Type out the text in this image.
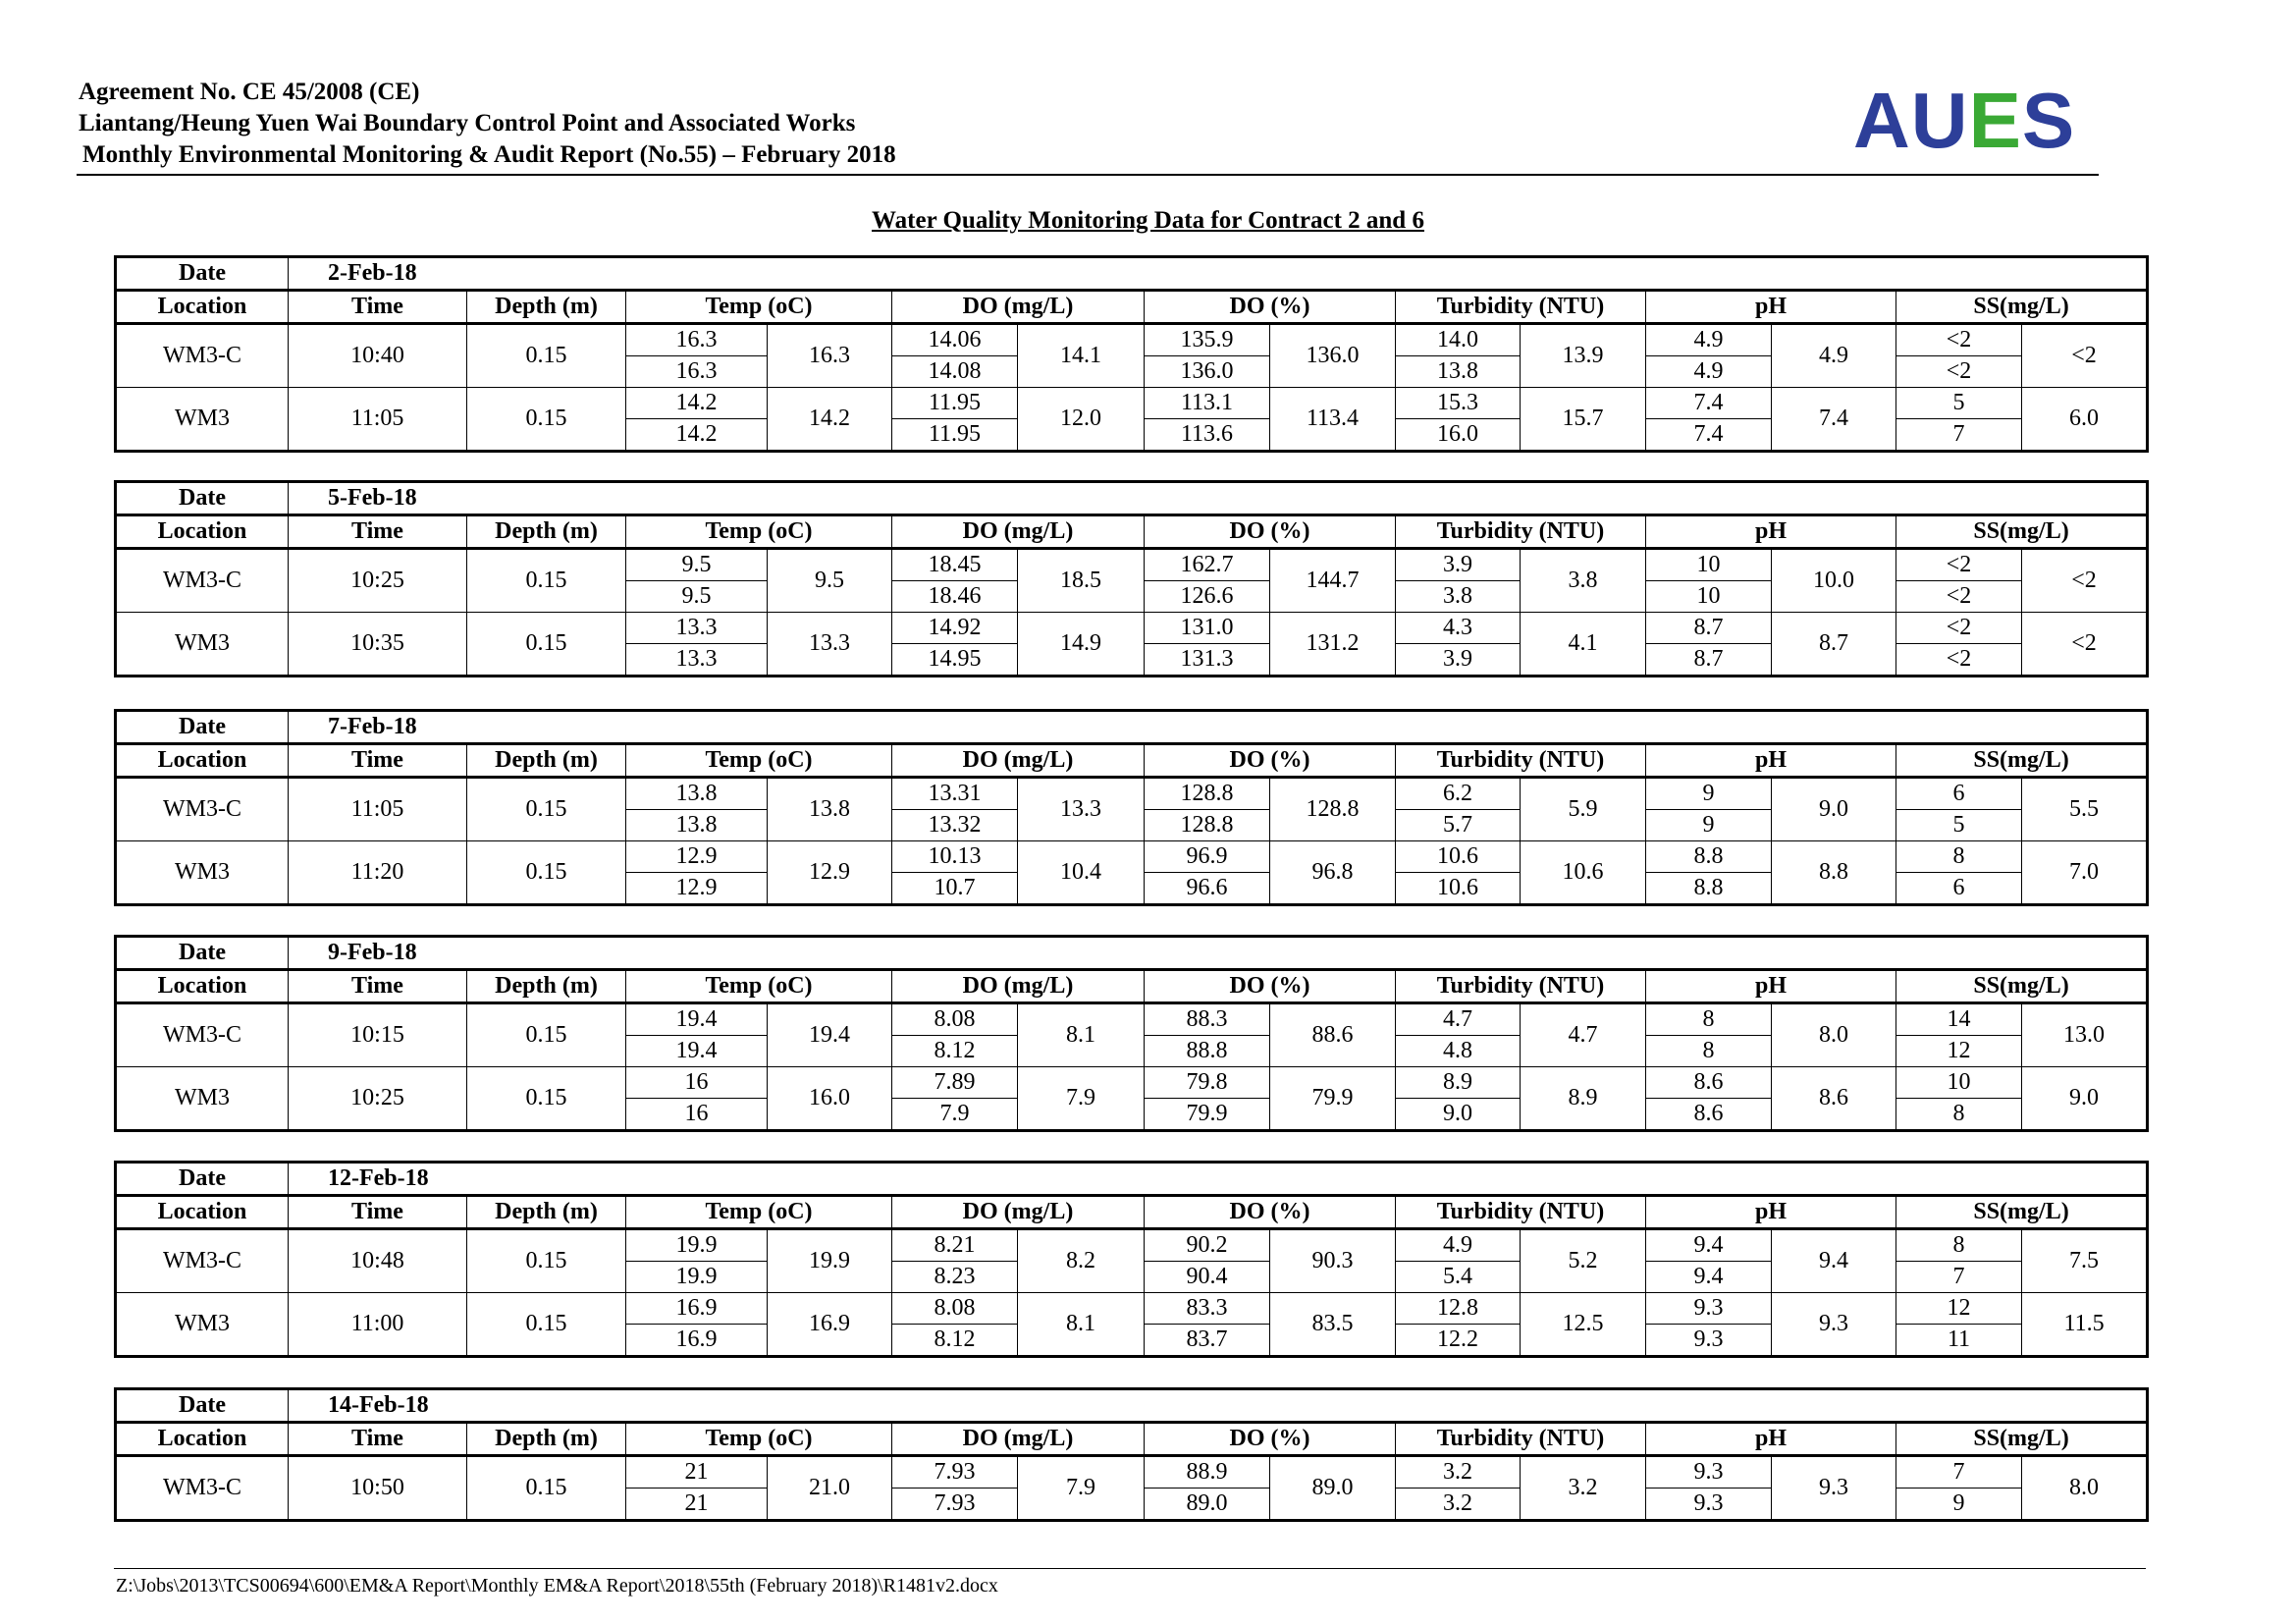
Agreement No. CE 45/2008 (CE)
Liantang/Heung Yuen Wai Boundary Control Point and Associated Works
Monthly Environmental Monitoring & Audit Report (No.55) – February 2018	AUES
Water Quality Monitoring Data for Contract 2 and 6
Date	2-Feb-18													
Location	Time	Depth (m)	Temp (oC)		DO (mg/L)		DO (%)		Turbidity (NTU)		pH		SS(mg/L)	
WM3-C	10:40	0.15	16.3	16.3	14.06	14.1	135.9	136.0	14.0	13.9	4.9	4.9	<2	<2
			16.3		14.08		136.0		13.8		4.9		<2	
WM3	11:05	0.15	14.2	14.2	11.95	12.0	113.1	113.4	15.3	15.7	7.4	7.4	5	6.0
			14.2		11.95		113.6		16.0		7.4		7	
Date	5-Feb-18													
Location	Time	Depth (m)	Temp (oC)		DO (mg/L)		DO (%)		Turbidity (NTU)		pH		SS(mg/L)	
WM3-C	10:25	0.15	9.5	9.5	18.45	18.5	162.7	144.7	3.9	3.8	10	10.0	<2	<2
			9.5		18.46		126.6		3.8		10		<2	
WM3	10:35	0.15	13.3	13.3	14.92	14.9	131.0	131.2	4.3	4.1	8.7	8.7	<2	<2
			13.3		14.95		131.3		3.9		8.7		<2	
Date	7-Feb-18													
Location	Time	Depth (m)	Temp (oC)		DO (mg/L)		DO (%)		Turbidity (NTU)		pH		SS(mg/L)	
WM3-C	11:05	0.15	13.8	13.8	13.31	13.3	128.8	128.8	6.2	5.9	9	9.0	6	5.5
			13.8		13.32		128.8		5.7		9		5	
WM3	11:20	0.15	12.9	12.9	10.13	10.4	96.9	96.8	10.6	10.6	8.8	8.8	8	7.0
			12.9		10.7		96.6		10.6		8.8		6	
Date	9-Feb-18													
Location	Time	Depth (m)	Temp (oC)		DO (mg/L)		DO (%)		Turbidity (NTU)		pH		SS(mg/L)	
WM3-C	10:15	0.15	19.4	19.4	8.08	8.1	88.3	88.6	4.7	4.7	8	8.0	14	13.0
			19.4		8.12		88.8		4.8		8		12	
WM3	10:25	0.15	16	16.0	7.89	7.9	79.8	79.9	8.9	8.9	8.6	8.6	10	9.0
			16		7.9		79.9		9.0		8.6		8	
Date	12-Feb-18													
Location	Time	Depth (m)	Temp (oC)		DO (mg/L)		DO (%)		Turbidity (NTU)		pH		SS(mg/L)	
WM3-C	10:48	0.15	19.9	19.9	8.21	8.2	90.2	90.3	4.9	5.2	9.4	9.4	8	7.5
			19.9		8.23		90.4		5.4		9.4		7	
WM3	11:00	0.15	16.9	16.9	8.08	8.1	83.3	83.5	12.8	12.5	9.3	9.3	12	11.5
			16.9		8.12		83.7		12.2		9.3		11	
Date	14-Feb-18													
Location	Time	Depth (m)	Temp (oC)		DO (mg/L)		DO (%)		Turbidity (NTU)		pH		SS(mg/L)	
WM3-C	10:50	0.15	21	21.0	7.93	7.9	88.9	89.0	3.2	3.2	9.3	9.3	7	8.0
			21		7.93		89.0		3.2		9.3		9	
Z:\Jobs\2013\TCS00694\600\EM&A Report\Monthly EM&A Report\2018\55th (February 2018)\R1481v2.docx
